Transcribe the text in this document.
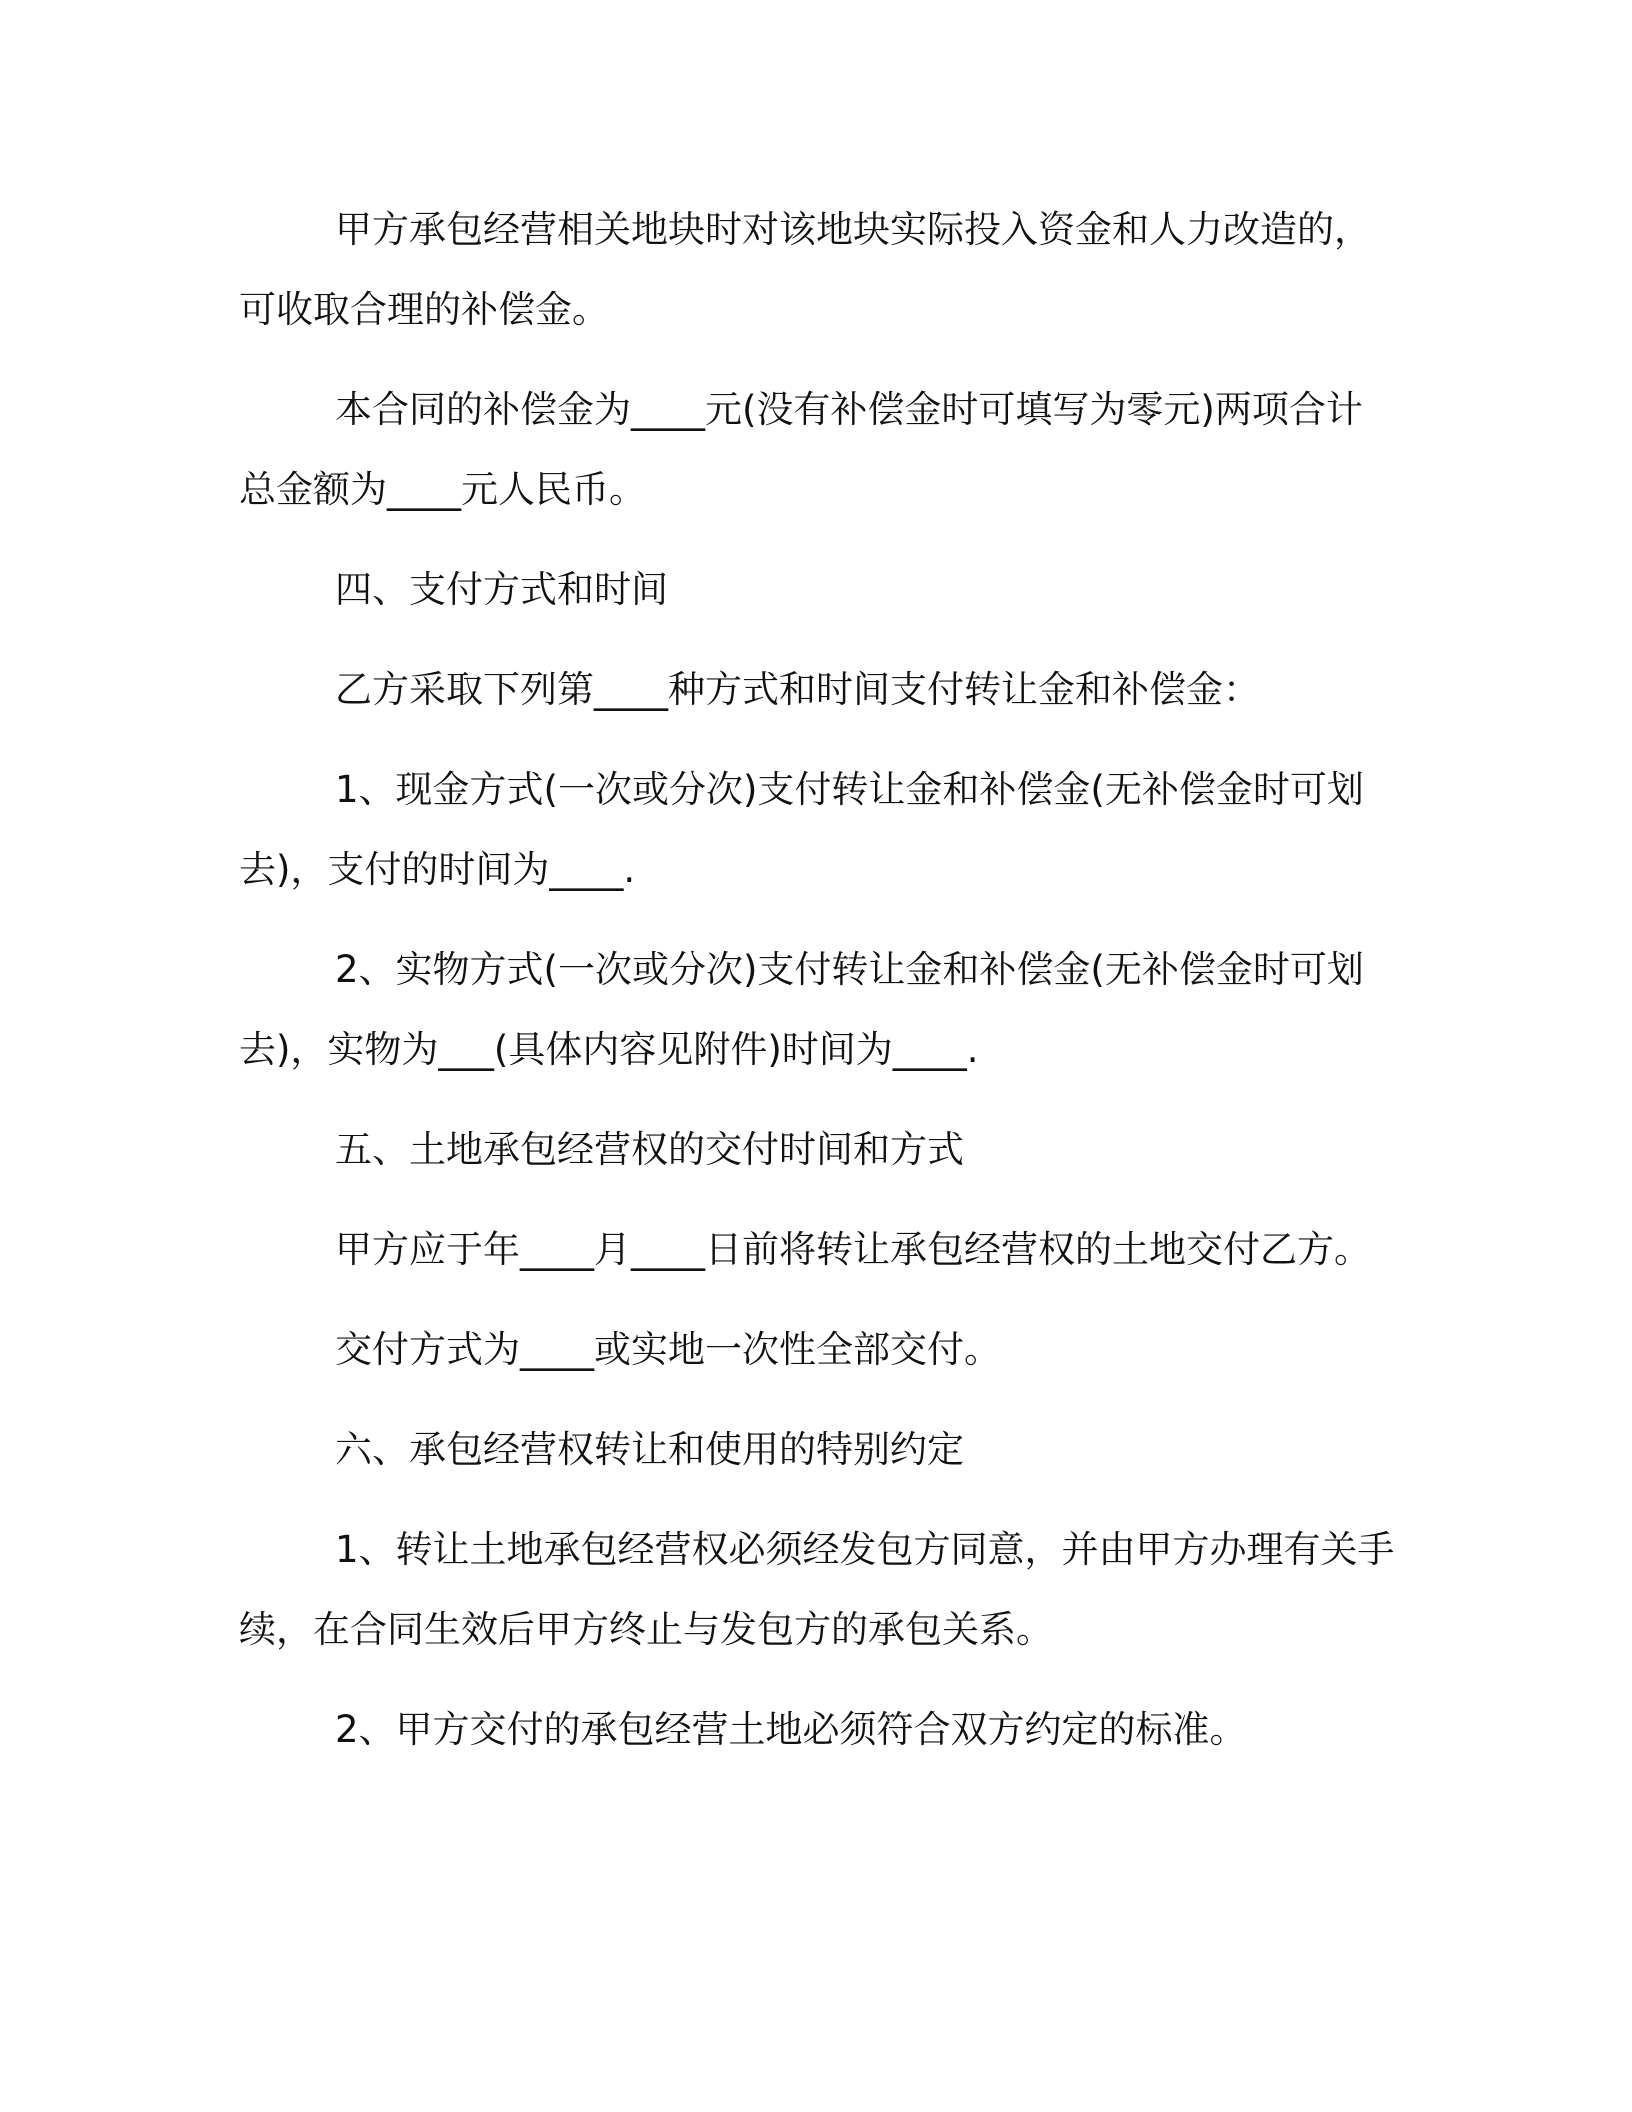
甲方承包经营相关地块时对该地块实际投入资金和人力改造的，可收取合理的补偿金。

本合同的补偿金为____元(没有补偿金时可填写为零元)两项合计总金额为____元人民币。

四、支付方式和时间

乙方采取下列第____种方式和时间支付转让金和补偿金：

1、现金方式(一次或分次)支付转让金和补偿金(无补偿金时可划去)，支付的时间为____.

2、实物方式(一次或分次)支付转让金和补偿金(无补偿金时可划去)，实物为___(具体内容见附件)时间为____.

五、土地承包经营权的交付时间和方式

甲方应于年____月____日前将转让承包经营权的土地交付乙方。

交付方式为____或实地一次性全部交付。

六、承包经营权转让和使用的特别约定

1、转让土地承包经营权必须经发包方同意，并由甲方办理有关手续，在合同生效后甲方终止与发包方的承包关系。

2、甲方交付的承包经营土地必须符合双方约定的标准。
